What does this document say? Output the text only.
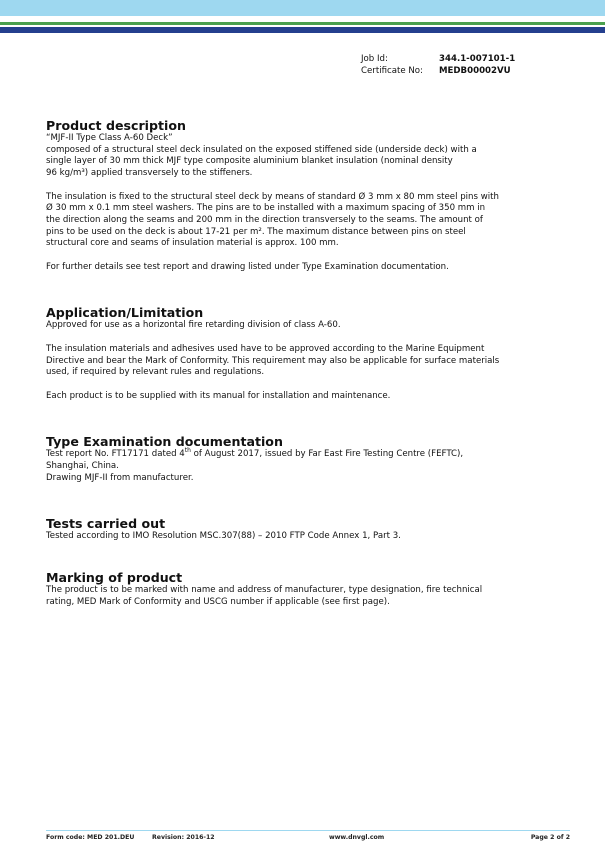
Job Id:	344.1-007101-1
Certificate No:	MEDB00002VU
Product description

“MJF-II Type Class A-60 Deck”

composed of a structural steel deck insulated on the exposed stiffened side (underside deck) with a
single layer of 30 mm thick MJF type composite aluminium blanket insulation (nominal density
96 kg/m³) applied transversely to the stiffeners.

The insulation is fixed to the structural steel deck by means of standard Ø 3 mm x 80 mm steel pins with
Ø 30 mm x 0.1 mm steel washers. The pins are to be installed with a maximum spacing of 350 mm in
the direction along the seams and 200 mm in the direction transversely to the seams. The amount of
pins to be used on the deck is about 17-21 per m². The maximum distance between pins on steel
structural core and seams of insulation material is approx. 100 mm.

For further details see test report and drawing listed under Type Examination documentation.

Application/Limitation

Approved for use as a horizontal fire retarding division of class A-60.

The insulation materials and adhesives used have to be approved according to the Marine Equipment
Directive and bear the Mark of Conformity. This requirement may also be applicable for surface materials
used, if required by relevant rules and regulations.

Each product is to be supplied with its manual for installation and maintenance.

Type Examination documentation

Test report No. FT17171 dated 4th of August 2017, issued by Far East Fire Testing Centre (FEFTC),

Shanghai, China.

Drawing MJF-II from manufacturer.

Tests carried out

Tested according to IMO Resolution MSC.307(88) – 2010 FTP Code Annex 1, Part 3.

Marking of product

The product is to be marked with name and address of manufacturer, type designation, fire technical
rating, MED Mark of Conformity and USCG number if applicable (see first page).

Form code: MED 201.DEU	Revision: 2016-12	www.dnvgl.com	Page 2 of 2
